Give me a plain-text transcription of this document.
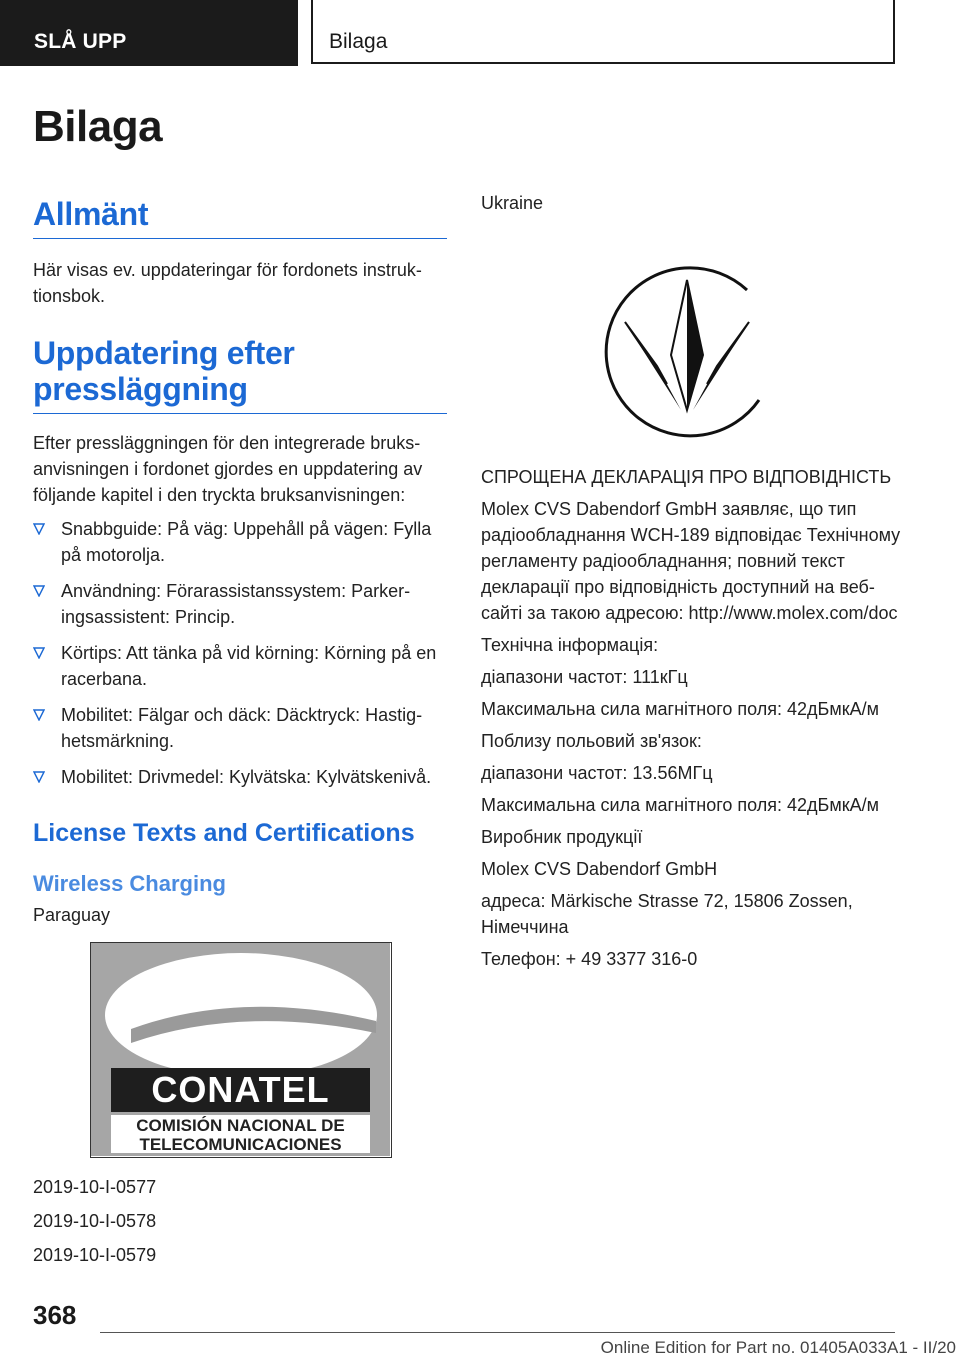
SLÅ UPP	Bilaga
Bilaga
Allmänt

Här visas ev. uppdateringar för fordonets instruk-tionsbok.

Uppdatering efter
pressläggning

Efter pressläggningen för den integrerade bruks-anvisningen i fordonet gjordes en uppdatering av följande kapitel i den tryckta bruksanvisningen:

Snabbguide: På väg: Uppehåll på vägen: Fylla på motorolja.
Användning: Förarassistanssystem: Parker-ingsassistent: Princip.
Körtips: Att tänka på vid körning: Körning på en racerbana.
Mobilitet: Fälgar och däck: Däcktryck: Hastig-hetsmärkning.
Mobilitet: Drivmedel: Kylvätska: Kylvätskenivå.
License Texts and Certifications
Wireless Charging

Paraguay

CONATEL
COMISIÓN NACIONAL DE
TELECOMUNICACIONES

2019-10-I-0577

2019-10-I-0578

2019-10-I-0579

Ukraine

СПРОЩЕНА ДЕКЛАРАЦІЯ ПРО ВІДПОВІДНІСТЬ

Molex CVS Dabendorf GmbH заявляє, що тип радіообладнання WCH-189 відповідає Технічному регламенту радіообладнання; повний текст декларації про відповідність доступний на веб-сайті за такою адресою: http://www.molex.com/doc

Технічна інформація:

діапазони частот: 111кГц

Максимальна сила магнітного поля: 42дБмкА/м

Поблизу польовий зв'язок:

діапазони частот: 13.56МГц

Максимальна сила магнітного поля: 42дБмкА/м

Виробник продукції

Molex CVS Dabendorf GmbH

адреса: Märkische Strasse 72, 15806 Zossen, Німеччина

Телефон: + 49 3377 316-0

368
Online Edition for Part no. 01405A033A1 - II/20
